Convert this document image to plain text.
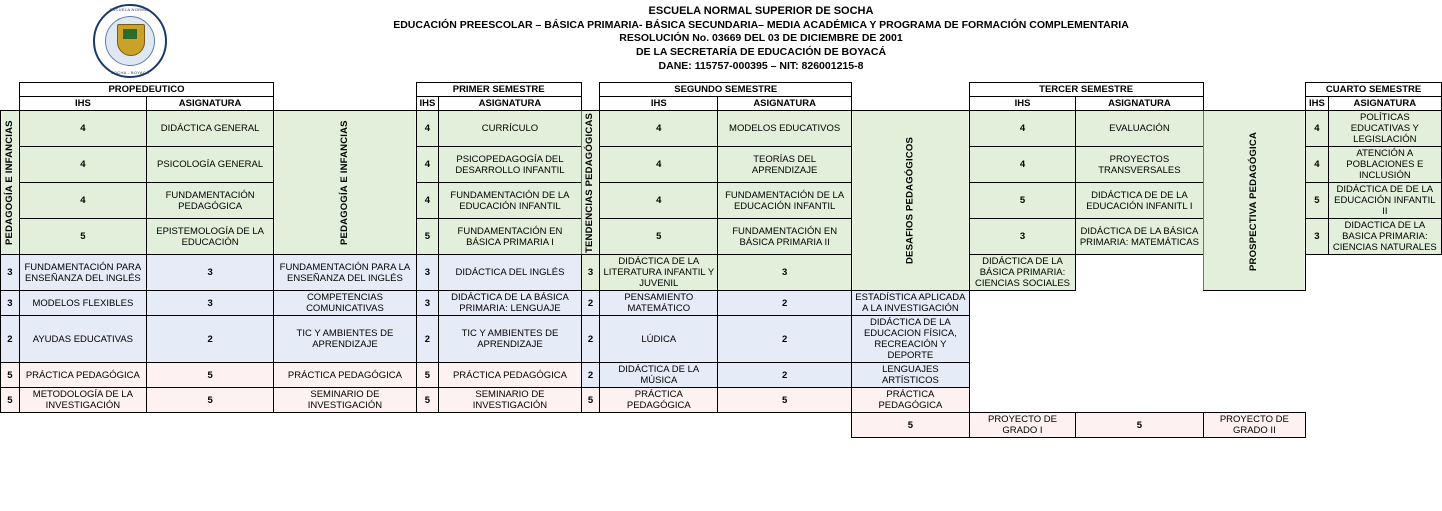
ESCUELA NORMAL
SOCHA - BOYACÁ
ESCUELA NORMAL SUPERIOR DE SOCHA
EDUCACIÓN PREESCOLAR – BÁSICA PRIMARIA- BÁSICA SECUNDARIA– MEDIA ACADÉMICA Y PROGRAMA DE FORMACIÓN COMPLEMENTARIA
RESOLUCIÓN No. 03669 DEL 03 DE DICIEMBRE DE 2001
DE LA SECRETARÍA DE EDUCACIÓN DE BOYACÁ
DANE: 115757-000395 – NIT: 826001215-8
	PROPEDEUTICO			PRIMER SEMESTRE			SEGUNDO SEMESTRE			TERCER SEMESTRE			CUARTO SEMESTRE	
	IHS	ASIGNATURA		IHS	ASIGNATURA		IHS	ASIGNATURA		IHS	ASIGNATURA		IHS	ASIGNATURA
PEDAGOGÍA E INFANCIAS	4	DIDÁCTICA GENERAL	PEDAGOGÍA E INFANCIAS	4	CURRÍCULO	TENDENCIAS PEDAGÓGICAS	4	MODELOS EDUCATIVOS	DESAFIOS PEDAGÓGICOS	4	EVALUACIÓN	PROSPECTIVA PEDAGÓGICA	4	POLÍTICAS EDUCATIVAS Y LEGISLACIÓN
	4	PSICOLOGÍA GENERAL		4	PSICOPEDAGOGÍA DEL DESARROLLO INFANTIL		4	TEORÍAS DEL APRENDIZAJE		4	PROYECTOS TRANSVERSALES		4	ATENCIÓN A POBLACIONES E INCLUSIÓN
	4	FUNDAMENTACIÓN PEDAGÓGICA		4	FUNDAMENTACIÓN DE LA EDUCACIÓN INFANTIL		4	FUNDAMENTACIÓN DE LA EDUCACIÓN INFANTIL		5	DIDÁCTICA DE DE LA EDUCACIÓN INFANITL I		5	DIDÁCTICA DE DE LA EDUCACIÓN INFANTIL II
	5	EPISTEMOLOGÍA DE LA EDUCACIÓN		5	FUNDAMENTACIÓN EN BÁSICA PRIMARIA I		5	FUNDAMENTACIÓN EN BÁSICA PRIMARIA II		3	DIDÁCTICA DE LA BÁSICA PRIMARIA: MATEMÁTICAS		3	DIDACTICA DE LA BASICA PRIMARIA: CIENCIAS NATURALES
3	FUNDAMENTACIÓN PARA ENSEÑANZA DEL INGLÉS	3	FUNDAMENTACIÓN PARA LA ENSEÑANZA DEL INGLÉS	3	DIDÁCTICA DEL INGLÉS	3	DIDÁCTICA DE LA LITERATURA INFANTIL Y JUVENIL	3		DIDÁCTICA DE LA BÁSICA PRIMARIA: CIENCIAS SOCIALES				
3	MODELOS FLEXIBLES	3	COMPETENCIAS COMUNICATIVAS	3	DIDÁCTICA DE LA BÁSICA PRIMARIA: LENGUAJE	2	PENSAMIENTO MATEMÁTICO	2	ESTADÍSTICA APLICADA A LA INVESTIGACIÓN					
2	AYUDAS EDUCATIVAS	2	TIC Y AMBIENTES DE APRENDIZAJE	2	TIC Y AMBIENTES DE APRENDIZAJE	2	LÚDICA	2	DIDÁCTICA DE LA EDUCACION FÍSICA, RECREACIÓN Y DEPORTE					
5	PRÁCTICA PEDAGÓGICA	5	PRÁCTICA PEDAGÓGICA	5	PRÁCTICA PEDAGÓGICA	2	DIDÁCTICA DE LA MÚSICA	2	LENGUAJES ARTÍSTICOS					
5	METODOLOGÍA DE LA INVESTIGACIÓN	5	SEMINARIO DE INVESTIGACIÓN	5	SEMINARIO DE INVESTIGACIÓN	5	PRÁCTICA PEDAGÓGICA	5	PRÁCTICA PEDAGÓGICA					
									5	PROYECTO DE GRADO I	5	PROYECTO DE GRADO II		
